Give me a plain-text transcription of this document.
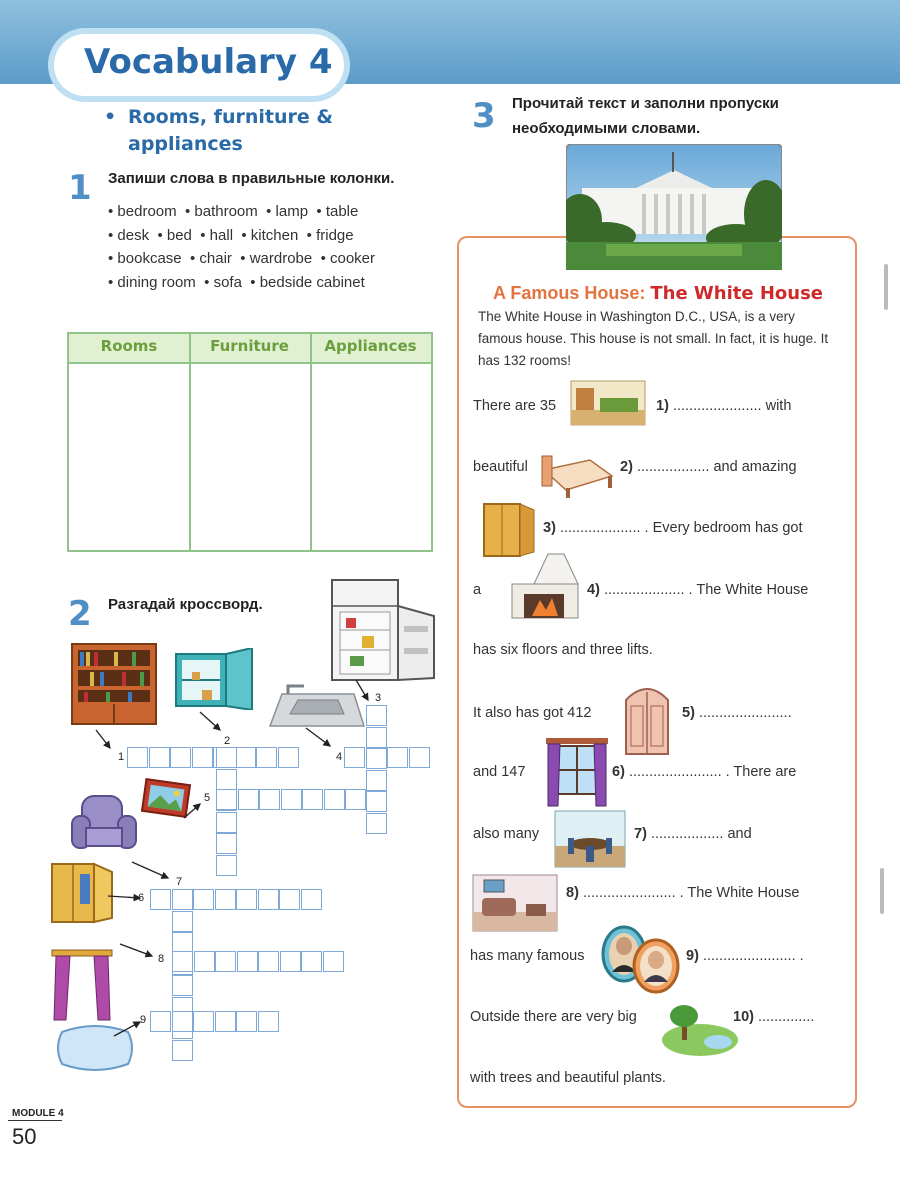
Vocabulary 4
• Rooms, furniture &
appliances
1 Запиши слова в правильные колонки.
• bedroom • bathroom • lamp • table
• desk • bed • hall • kitchen • fridge
• bookcase • chair • wardrobe • cooker
• dining room • sofa • bedside cabinet
Rooms	Furniture	Appliances
2 Разгадай кроссворд.
1
2
3
4
5
6
7
8
9
3 Прочитай текст и заполни пропуски
необходимыми словами.
A Famous House: The White House
The White House in Washington D.C., USA, is a very famous house. This house is not small. In fact, it is huge. It has 132 rooms!
There are 35	1) ...................... with
beautiful	2) .................. and amazing
3) .................... . Every bedroom has got
a	4) .................... . The White House
has six floors and three lifts.
It also has got 412	5) .......................
and 147	6) ....................... . There are
also many	7) .................. and
8) ....................... . The White House
has many famous	9) ....................... .
Outside there are very big	10) ..............
with trees and beautiful plants.
MODULE 4
50
